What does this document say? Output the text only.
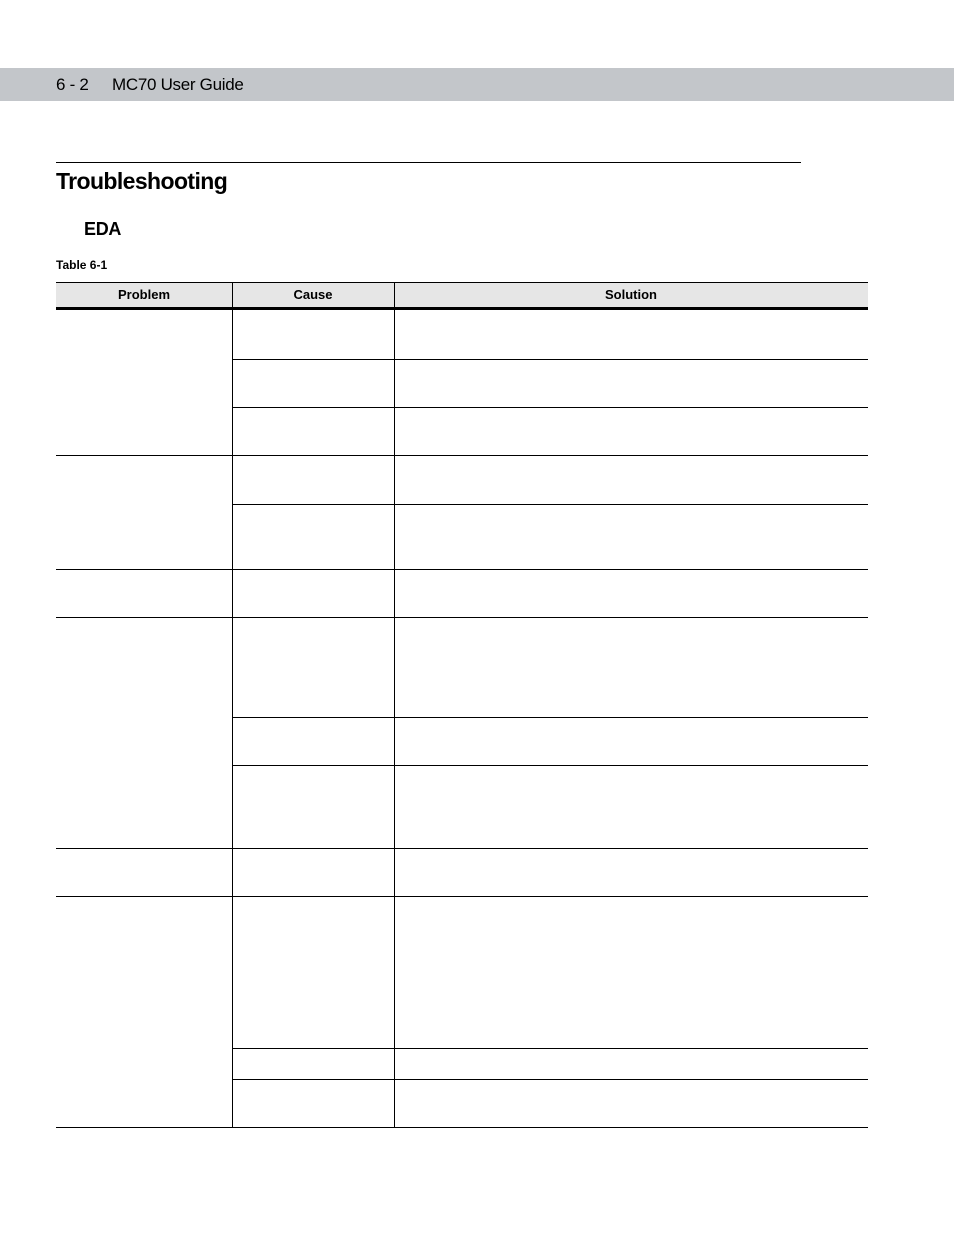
6 - 2 MC70 User Guide
Troubleshooting
EDA
Table 6-1
Problem	Cause	Solution
